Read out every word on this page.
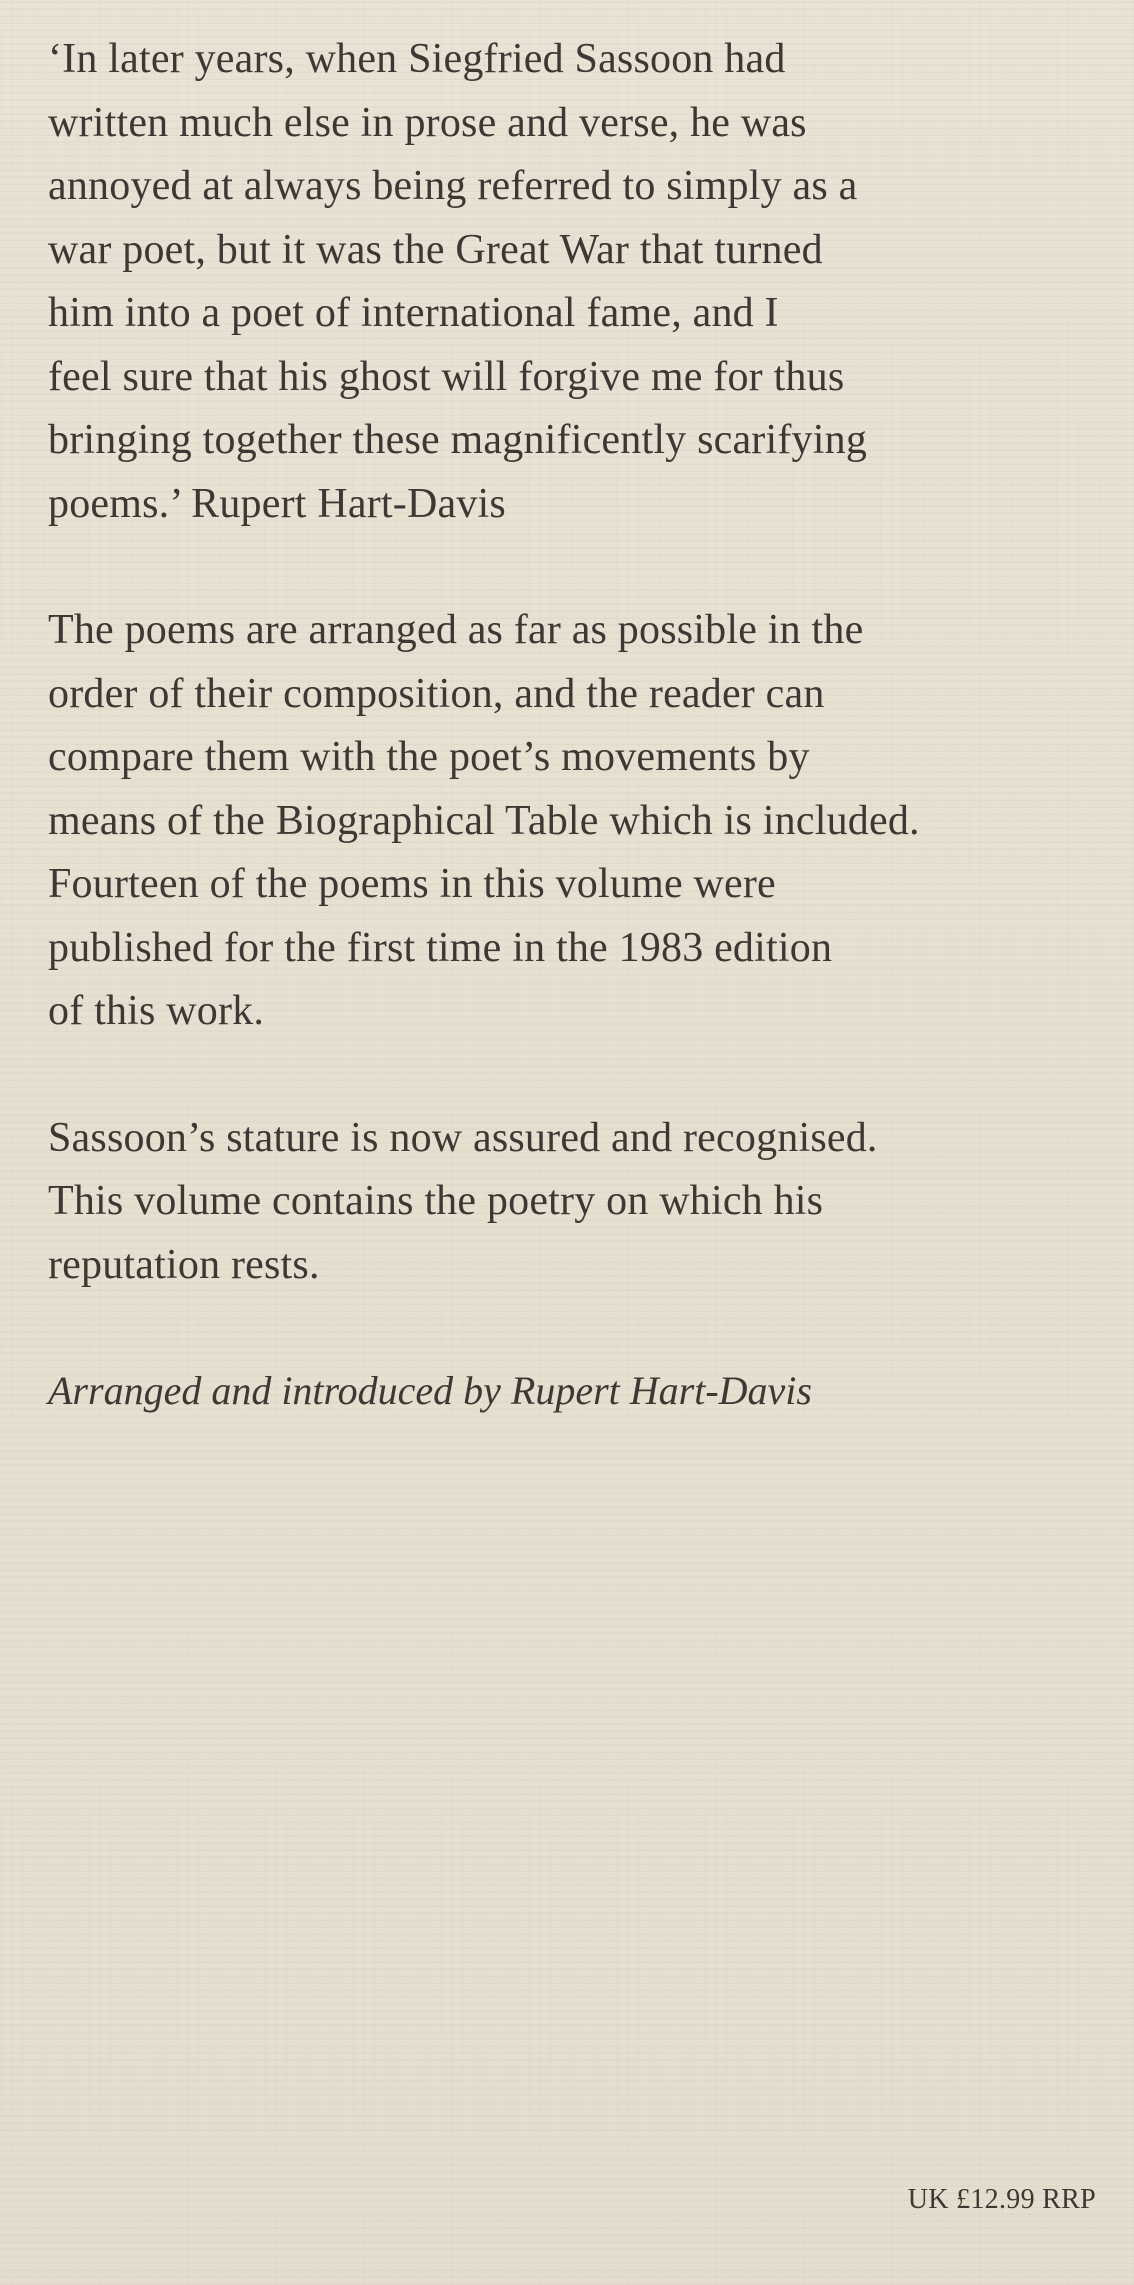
‘In later years, when Siegfried Sassoon had
written much else in prose and verse, he was
annoyed at always being referred to simply as a
war poet, but it was the Great War that turned
him into a poet of international fame, and I
feel sure that his ghost will forgive me for thus
bringing together these magnificently scarifying
poems.’ Rupert Hart-Davis

The poems are arranged as far as possible in the
order of their composition, and the reader can
compare them with the poet’s movements by
means of the Biographical Table which is included.
Fourteen of the poems in this volume were
published for the first time in the 1983 edition
of this work.

Sassoon’s stature is now assured and recognised.
This volume contains the poetry on which his
reputation rests.

Arranged and introduced by Rupert Hart-Davis

UK £12.99 RRP
